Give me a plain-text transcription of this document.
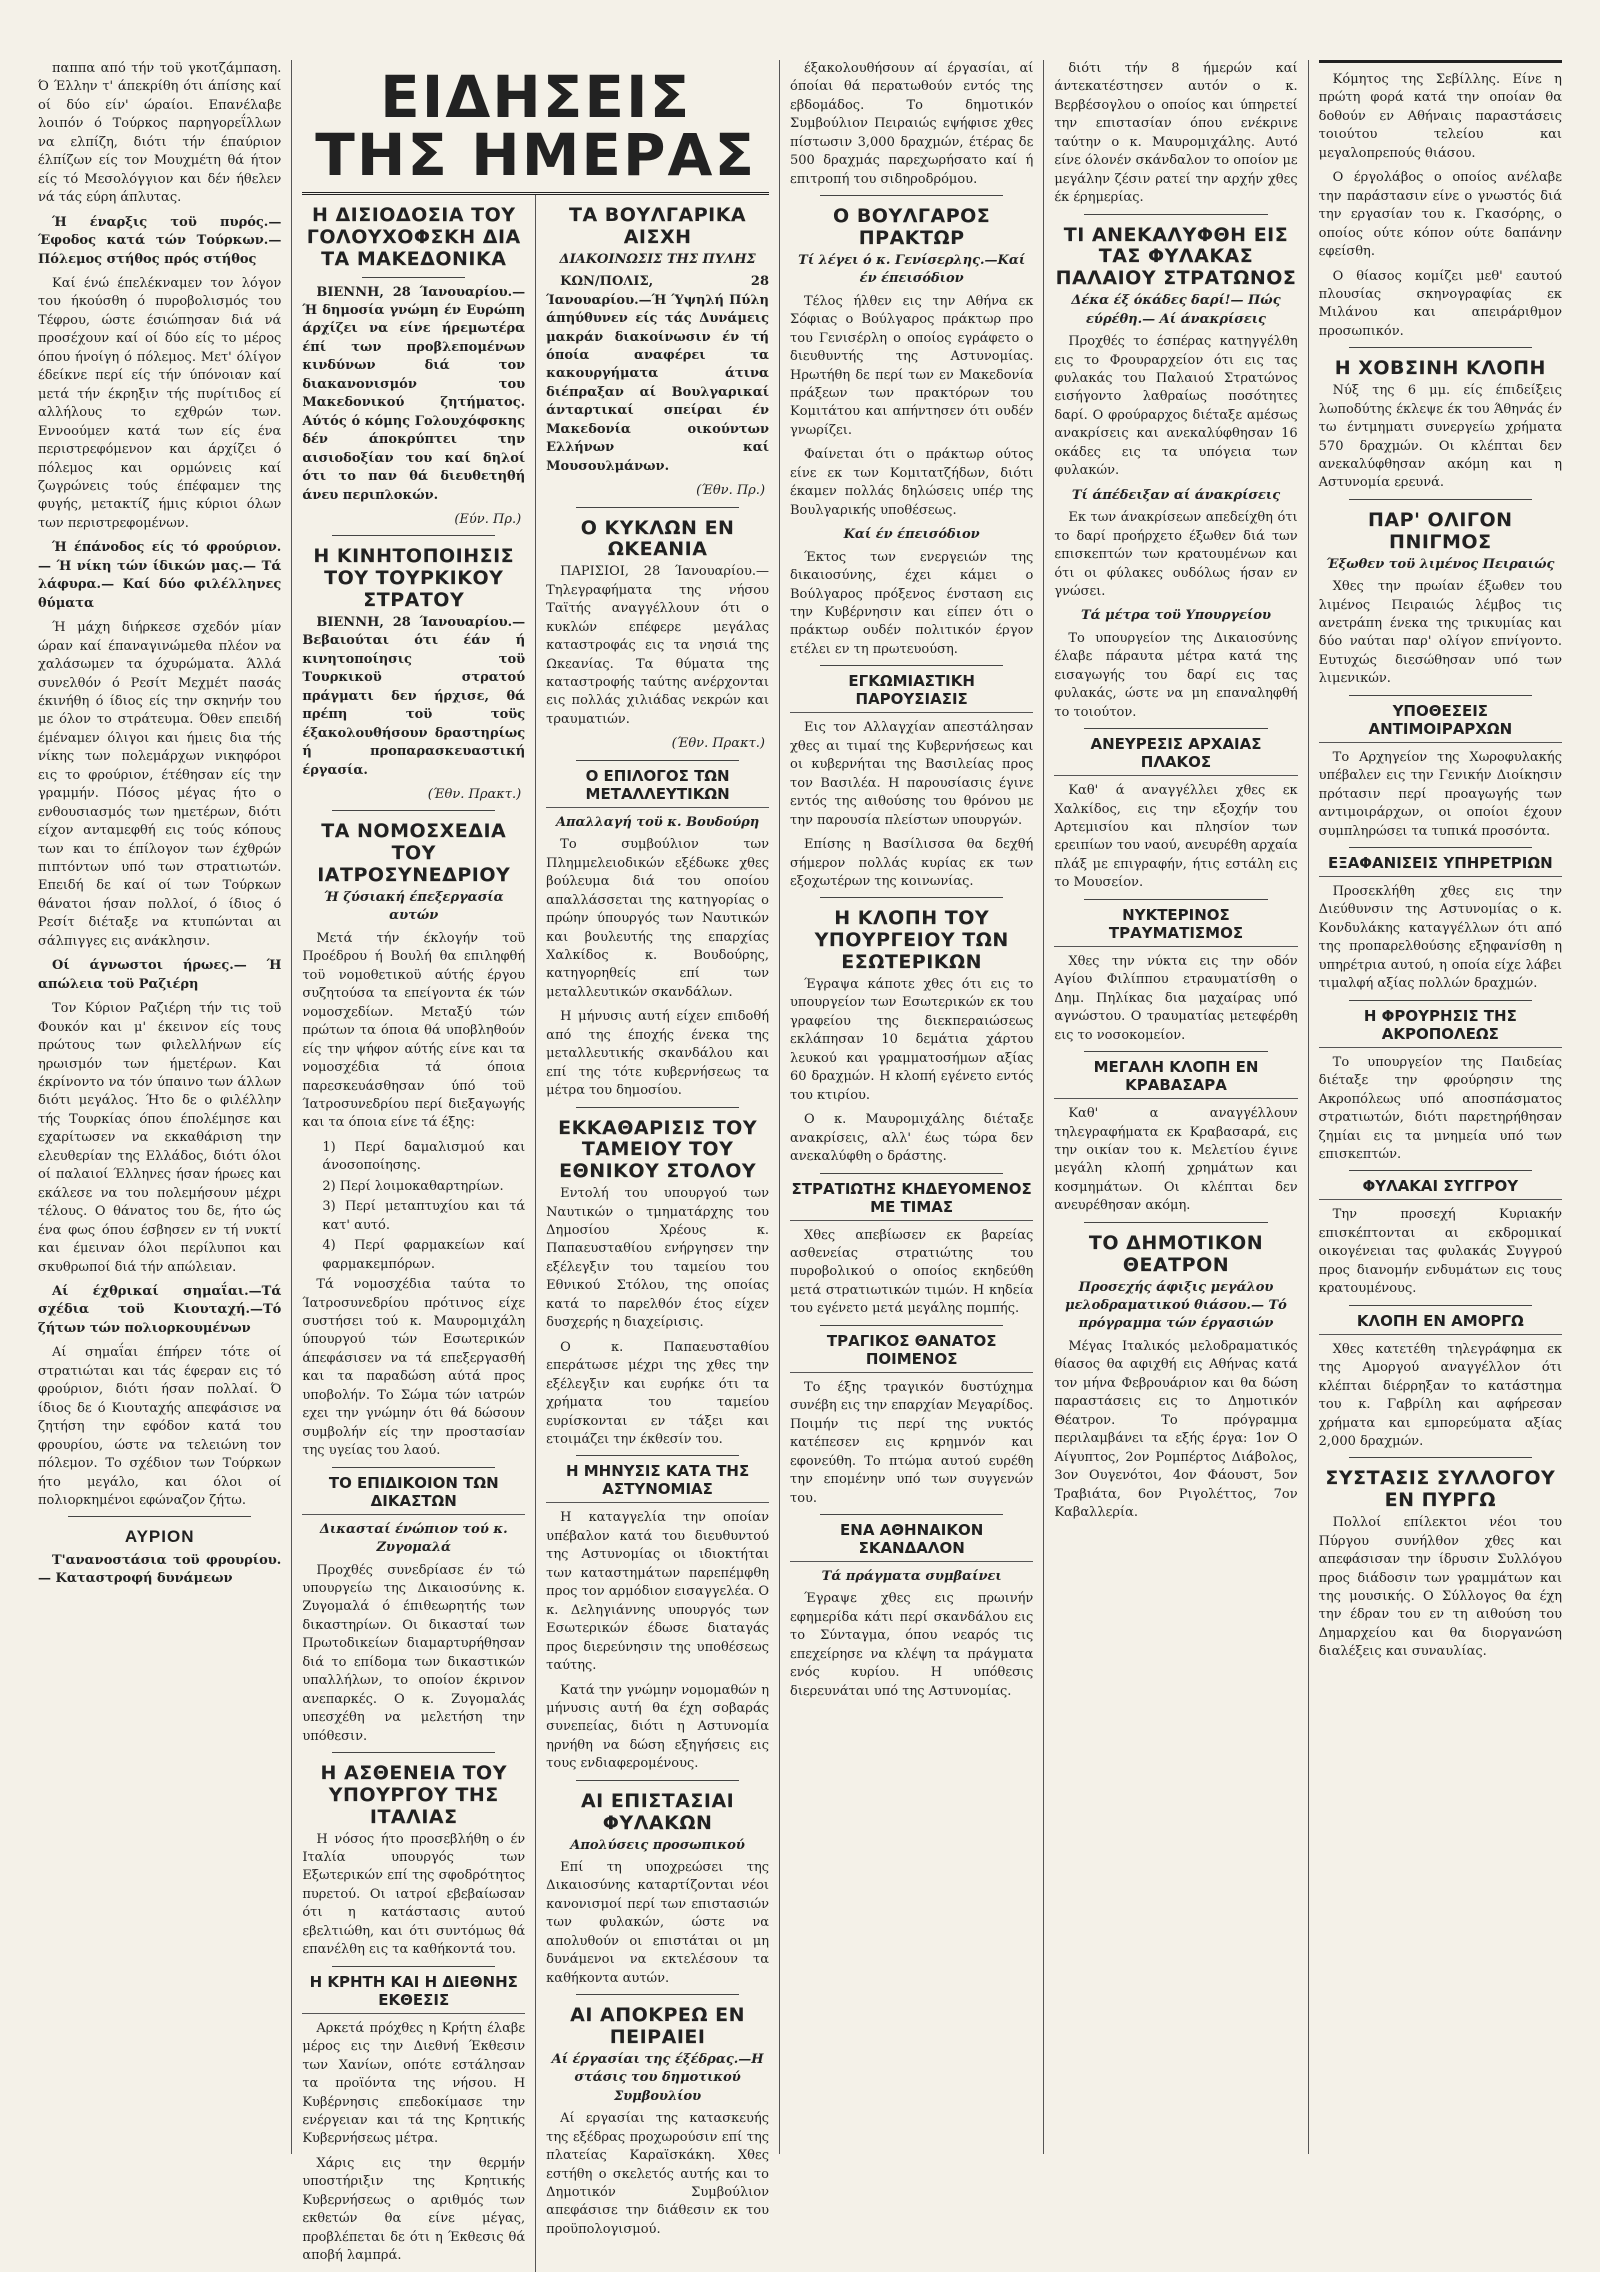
παππα από τήν τοϋ γκοτζάμπαση. Ό Έλλην τ' άπεκρίθη ότι άπίσης καί οί δύο είν' ώραίοι. Επανέλαβε λοιπόν ό Τούρκος παρηγορεΐλλων να ελπίζη, διότι τήν έπαύριον έλπίζων είς τον Μουχμέτη θά ήτον είς τό Μεσολόγγιον και δέν ήθελεν νά τάς εύρη άπλυτας.

Ή έναρξις τοϋ πυρός.—Έφοδος κατά τών Τούρκων.— Πόλεμος στήθος πρός στήθος

Καί ένώ έπελέκναμεν τον λόγον του ήκούσθη ό πυροβολισμός του Τέφρου, ώστε έσιώπησαν διά νά προσέχουν καί οί δύο είς το μέρος όπου ήνοίγη ό πόλεμος. Μετ' όλίγον έδείκνε περί είς τήν ύπόνοιαν καί μετά τήν έκρηξιν τής πυρίτιδος εί αλλήλους το εχθρών των. Εννοούμεν κατά των είς ένα περιστρεφόμενον και άρχίζει ό πόλεμος και ορμώνεις καί ζωγρώνεις τούς έπέφαμεν της φυγής, μετακτίζ ήμις κύριοι όλων των περιστρεφομένων.

Ή έπάνοδος είς τό φρούριον.— Ή νίκη τών ίδικών μας.— Τά λάφυρα.— Καί δύο φιλέλληνες θύματα

Ή μάχη διήρκεσε σχεδόν μίαν ώραν καί έπαναγινώμεθα πλέον να χαλάσωμεν τα όχυρώματα. Άλλά συνελθόν ό Ρεσίτ Μεχμέτ πασάς έκινήθη ό ίδιος είς την σκηνήν του με όλον το στράτευμα. Όθεν επειδή έμέναμεν όλιγοι και ήμεις δια τής νίκης των πολεμάρχων νικηφόροι εις το φρούριον, έτέθησαν είς την γραμμήν. Πόσος μέγας ήτο ο ενθουσιασμός των ημετέρων, διότι είχον ανταμεφθή εις τούς κόπους των και το έπίλογον των έχθρών πιπτόντων υπό των στρατιωτών. Επειδή δε καί οί των Τούρκων θάνατοι ήσαν πολλοί, ό ίδιος ό Ρεσίτ διέταξε να κτυπώνται αι σάλπιγγες εις ανάκλησιν.

Οί άγνωστοι ήρωες.— Ή απώλεια τοϋ Ραζιέρη

Τον Κύριον Ραζιέρη τήν τις τοϋ Φουκόν και μ' έκεινον είς τους πρώτους των φιλελλήνων είς ηρωισμόν των ήμετέρων. Και έκρίνοντο να τόν ύπαινο των άλλων διότι μεγάλος. Ήτο δε ο φιλέλλην τής Τουρκίας όπου έπολέμησε και εχαρίτωσεν να εκκαθάριση την ελευθερίαν της Ελλάδος, διότι όλοι οί παλαιοί Έλληνες ήσαν ήρωες και εκάλεσε να του πολεμήσουν μέχρι τέλους. Ο θάνατος του δε, ήτο ώς ένα φως όπου έσβησεν εν τή νυκτί και έμειναν όλοι περίλυποι και σκυθρωποί διά τήν απώλειαν.

Αί έχθρικαί σημαΐαι.—Τά σχέδια τοϋ Κιουταχή.—Τό ζήτων τών πολιορκουμένων

Αί σημαΐαι έπήρεν τότε οί στρατιώται και τάς έφεραν εις τό φρούριον, διότι ήσαν πολλαί. Ό ίδιος δε ό Κιουταχής απεφάσισε να ζητήση την εφόδον κατά του φρουρίου, ώστε να τελειώνη τον πόλεμον. Το σχέδιον των Τούρκων ήτο μεγάλο, και όλοι οί πολιορκημένοι εφώναζον ζήτω.

ΑΥΡΙΟΝ

Τ'ανανοστάσια τοϋ φρουρίου.— Καταστροφή δυνάμεων

ΕΙΔΗΣΕΙΣ ΤΗΣ ΗΜΕΡΑΣ
Η ΔΙΣΙΟΔΟΣΙΑ ΤΟΥ ΓΟΛΟΥΧΟΦΣΚΗ ΔΙΑ ΤΑ ΜΑΚΕΔΟΝΙΚΑ

ΒΙΕΝΝΗ, 28 Ίανουαρίου.—Ή δημοσία γνώμη έν Ευρώπη άρχίζει να είνε ήρεμωτέρα έπί των προβλεπομένων κινδύνων διά τον διακανονισμόν του Μακεδονικού ζητήματος. Αύτός ό κόμης Γολουχόφσκης δέν άποκρύπτει την αισιοδοξίαν του καί δηλοί ότι το παν θά διευθετηθή άνευ περιπλοκών.

(Εύν. Πρ.)
Η ΚΙΝΗΤΟΠΟΙΗΣΙΣ ΤΟΥ ΤΟΥΡΚΙΚΟΥ ΣΤΡΑΤΟΥ

ΒΙΕΝΝΗ, 28 Ίανουαρίου.—Βεβαιούται ότι έάν ή κινητοποίησις τοϋ Τουρκικοϋ στρατού πράγματι δεν ήρχισε, θά πρέπη τοϋ τοϋς έξακολουθήσουν δραστηρίως ή προπαρασκευαστική έργασία.

(Έθν. Πρακτ.)
ΤΑ ΝΟΜΟΣΧΕΔΙΑ ΤΟΥ ΙΑΤΡΟΣΥΝΕΔΡΙΟΥ
Ή ζύσιακή έπεξεργασία αυτών

Μετά τήν έκλογήν τοϋ Προέδρου ή Βουλή θα επιληφθή τοϋ νομοθετικοϋ αύτής έργου συζητούσα τα επείγοντα έκ τών νομοσχεδίων. Μεταξύ τών πρώτων τα όποια θά υποβληθούν είς την ψήφον αύτής είνε και τα νομοσχέδια τά όποια παρεσκευάσθησαν ύπό τοϋ Ίατροσυνεδρίου περί διεξαγωγής και τα όποια είνε τά έξης:

1) Περί δαμαλισμού και άνοσοποίησης.
2) Περί λοιμοκαθαρτηρίων.
3) Περί μεταπτυχίου και τά κατ' αυτό.
4) Περί φαρμακείων καί φαρμακεμπόρων.

Τά νομοσχέδια ταύτα το Ίατροσυνεδρίου πρότινος είχε συστήσει τού κ. Μαυρομιχάλη ύπουργού τών Εσωτερικών άπεφάσισεν να τά επεξεργασθή και τα παραδώση αύτά προς υποβολήν. Το Σώμα τών ιατρών εχει την γνώμην ότι θά δώσουν συμβολήν είς την προστασίαν της υγείας του λαού.

ΤΟ ΕΠΙΔΙΚΟΙΟΝ ΤΩΝ ΔΙΚΑΣΤΩΝ
Δικασταί ένώπιον τού κ. Ζυγομαλά

Προχθές συνεδρίασε έν τώ υπουργείω της Δικαιοσύνης κ. Ζυγομαλά ό έπιθεωρητής των δικαστηρίων. Οι δικασταί των Πρωτοδικείων διαμαρτυρήθησαν διά το επίδομα των δικαστικών υπαλλήλων, το οποίον έκρινον ανεπαρκές. Ο κ. Ζυγομαλάς υπεσχέθη να μελετήση την υπόθεσιν.

Η ΑΣΘΕΝΕΙΑ ΤΟΥ ΥΠΟΥΡΓΟΥ ΤΗΣ ΙΤΑΛΙΑΣ

Η νόσος ήτο προσεβλήθη ο έν Ιταλία υπουργός των Εξωτερικών επί της σφοδρότητος πυρετού. Οι ιατροί εβεβαίωσαν ότι η κατάστασις αυτού εβελτιώθη, και ότι συντόμως θά επανέλθη εις τα καθήκοντά του.

Η ΚΡΗΤΗ ΚΑΙ Η ΔΙΕΘΝΗΣ ΕΚΘΕΣΙΣ

Αρκετά πρόχθες η Κρήτη έλαβε μέρος εις την Διεθνή Έκθεσιν των Χανίων, οπότε εστάλησαν τα προϊόντα της νήσου. Η Κυβέρνησις επεδοκίμασε την ενέργειαν και τά της Κρητικής Κυβερνήσεως μέτρα.

Χάρις εις την θερμήν υποστήριξιν της Κρητικής Κυβερνήσεως ο αριθμός των εκθετών θα είνε μέγας, προβλέπεται δε ότι η Έκθεσις θά αποβή λαμπρά.

ΤΑ ΒΟΥΛΓΑΡΙΚΑ ΑΙΣΧΗ
ΔΙΑΚΟΙΝΩΣΙΣ ΤΗΣ ΠΥΛΗΣ

ΚΩΝ/ΠΟΛΙΣ, 28 Ίανουαρίου.—Ή Ύψηλή Πύλη άπηύθυνεν είς τάς Δυνάμεις μακράν διακοίνωσιν έν τή όποία αναφέρει τα κακουργήματα άτινα διέπραξαν αί Βουλγαρικαί άνταρτικαί σπείραι έν Μακεδονία οικούντων Ελλήνων καί Μουσουλμάνων.

(Έθν. Πρ.)
Ο ΚΥΚΛΩΝ ΕΝ ΩΚΕΑΝΙΑ

ΠΑΡΙΣΙΟΙ, 28 Ίανουαρίου.—Τηλεγραφήματα της νήσου Ταϊτής αναγγέλλουν ότι ο κυκλών επέφερε μεγάλας καταστροφάς εις τα νησιά της Ωκεανίας. Τα θύματα της καταστροφής ταύτης ανέρχονται εις πολλάς χιλιάδας νεκρών και τραυματιών.

(Έθν. Πρακτ.)
Ο ΕΠΙΛΟΓΟΣ ΤΩΝ ΜΕΤΑΛΛΕΥΤΙΚΩΝ
Απαλλαγή τοϋ κ. Βουδούρη

Το συμβούλιον των Πλημμελειοδικών εξέδωκε χθες βούλευμα διά του οποίου απαλλάσσεται της κατηγορίας ο πρώην ύπουργός των Ναυτικών και βουλευτής της επαρχίας Χαλκίδος κ. Βουδούρης, κατηγορηθείς επί των μεταλλευτικών σκανδάλων.

Η μήνυσις αυτή είχεν επιδοθή από της έποχής ένεκα της μεταλλευτικής σκανδάλου και επί της τότε κυβερνήσεως τα μέτρα του δημοσίου.

ΕΚΚΑΘΑΡΙΣΙΣ ΤΟΥ ΤΑΜΕΙΟΥ ΤΟΥ ΕΘΝΙΚΟΥ ΣΤΟΛΟΥ

Εντολή του υπουργού των Ναυτικών ο τμηματάρχης του Δημοσίου Χρέους κ. Παπαευσταθίου ενήργησεν την εξέλεγξιν του ταμείου του Εθνικού Στόλου, της οποίας κατά το παρελθόν έτος είχεν δυσχερής η διαχείρισις.

Ο κ. Παπαευσταθίου επεράτωσε μέχρι της χθες την εξέλεγξιν και ευρήκε ότι τα χρήματα του ταμείου ευρίσκονται εν τάξει και ετοιμάζει την έκθεσίν του.

Η ΜΗΝΥΣΙΣ ΚΑΤΑ ΤΗΣ ΑΣΤΥΝΟΜΙΑΣ

Η καταγγελία την οποίαν υπέβαλον κατά του διευθυντού της Αστυνομίας οι ιδιοκτήται των καταστημάτων παρεπέμφθη προς τον αρμόδιον εισαγγελέα. Ο κ. Δεληγιάννης υπουργός των Εσωτερικών έδωσε διαταγάς προς διερεύνησιν της υποθέσεως ταύτης.

Κατά την γνώμην νομομαθών η μήνυσις αυτή θα έχη σοβαράς συνεπείας, διότι η Αστυνομία ηρνήθη να δώση εξηγήσεις εις τους ενδιαφερομένους.

ΑΙ ΕΠΙΣΤΑΣΙΑΙ ΦΥΛΑΚΩΝ
Απολύσεις προσωπικού

Επί τη υποχρεώσει της Δικαιοσύνης καταρτίζονται νέοι κανονισμοί περί των επιστασιών των φυλακών, ώστε να απολυθούν οι επιστάται οι μη δυνάμενοι να εκτελέσουν τα καθήκοντα αυτών.

ΑΙ ΑΠΟΚΡΕΩ ΕΝ ΠΕΙΡΑΙΕΙ
Αί έργασίαι της έξέδρας.—Η στάσις του δημοτικού Συμβουλίου

Αί εργασίαι της κατασκευής της εξέδρας προχωρούσιν επί της πλατείας Καραϊσκάκη. Χθες εστήθη ο σκελετός αυτής και το Δημοτικόν Συμβούλιον απεφάσισε την διάθεσιν εκ του προϋπολογισμού.

έξακολουθήσουν αί έργασίαι, αί όποίαι θά περατωθούν εντός της εβδομάδος. Το δημοτικόν Συμβούλιον Πειραιώς εψήφισε χθες πίστωσιν 3,000 δραχμών, έτέρας δε 500 δραχμάς παρεχωρήσατο καί ή επιτροπή του σιδηροδρόμου.

Ο ΒΟΥΛΓΑΡΟΣ ΠΡΑΚΤΩΡ
Τί λέγει ό κ. Γενίσερλης.—Καί έν έπεισόδιον

Τέλος ήλθεν εις την Αθήνα εκ Σόφιας ο Βούλγαρος πράκτωρ προ του Γενισέρλη ο οποίος εγράφετο ο διευθυντής της Αστυνομίας. Ηρωτήθη δε περί των εν Μακεδονία πράξεων των πρακτόρων του Κομιτάτου και απήντησεν ότι ουδέν γνωρίζει.

Φαίνεται ότι ο πράκτωρ ούτος είνε εκ των Κομιτατζήδων, διότι έκαμεν πολλάς δηλώσεις υπέρ της Βουλγαρικής υποθέσεως.

Καί έν έπεισόδιον

Έκτος των ενεργειών της δικαιοσύνης, έχει κάμει ο Βούλγαρος πρόξενος ένσταση εις την Κυβέρνησιν και είπεν ότι ο πράκτωρ ουδέν πολιτικόν έργον ετέλει εν τη πρωτευούση.

ΕΓΚΩΜΙΑΣΤΙΚΗ ΠΑΡΟΥΣΙΑΣΙΣ

Εις τον Αλλαγχίαν απεστάλησαν χθες αι τιμαί της Κυβερνήσεως και οι κυβερνήται της Βασιλείας προς τον Βασιλέα. Η παρουσίασις έγινε εντός της αιθούσης του θρόνου με την παρουσία πλείστων υπουργών.

Επίσης η Βασίλισσα θα δεχθή σήμερον πολλάς κυρίας εκ των εξοχωτέρων της κοινωνίας.

Η ΚΛΟΠΗ ΤΟΥ ΥΠΟΥΡΓΕΙΟΥ ΤΩΝ ΕΣΩΤΕΡΙΚΩΝ

Έγραψα κάποτε χθες ότι εις το υπουργείον των Εσωτερικών εκ του γραφείου της διεκπεραιώσεως εκλάπησαν 10 δεμάτια χάρτου λευκού και γραμματοσήμων αξίας 60 δραχμών. Η κλοπή εγένετο εντός του κτιρίου.

Ο κ. Μαυρομιχάλης διέταξε ανακρίσεις, αλλ' έως τώρα δεν ανεκαλύφθη ο δράστης.

ΣΤΡΑΤΙΩΤΗΣ ΚΗΔΕΥΟΜΕΝΟΣ ΜΕ ΤΙΜΑΣ

Χθες απεβίωσεν εκ βαρείας ασθενείας στρατιώτης του πυροβολικού ο οποίος εκηδεύθη μετά στρατιωτικών τιμών. Η κηδεία του εγένετο μετά μεγάλης πομπής.

ΤΡΑΓΙΚΟΣ ΘΑΝΑΤΟΣ ΠΟΙΜΕΝΟΣ

Το έξης τραγικόν δυστύχημα συνέβη εις την επαρχίαν Μεγαρίδος. Ποιμήν τις περί της νυκτός κατέπεσεν εις κρημνόν και εφονεύθη. Το πτώμα αυτού ευρέθη την επομένην υπό των συγγενών του.

ΕΝΑ ΑΘΗΝΑΙΚΟΝ ΣΚΑΝΔΑΛΟΝ
Τά πράγματα συμβαίνει

Έγραψε χθες εις πρωινήν εφημερίδα κάτι περί σκανδάλου εις το Σύνταγμα, όπου νεαρός τις επεχείρησε να κλέψη τα πράγματα ενός κυρίου. Η υπόθεσις διερευνάται υπό της Αστυνομίας.

διότι τήν 8 ήμερών καί άντεκατέστησεν αυτόν ο κ. Βερβέσογλου ο οποίος και ύπηρετεί την επιστασίαν όπου ενέκρινε ταύτην ο κ. Μαυρομιχάλης. Αυτό είνε όλονέν σκάνδαλον το οποίον με μεγάλην ζέσιν ρατεί την αρχήν χθες έκ έρημερίας.

ΤΙ ΑΝΕΚΑΛΥΦΘΗ ΕΙΣ ΤΑΣ ΦΥΛΑΚΑΣ ΠΑΛΑΙΟΥ ΣΤΡΑΤΩΝΟΣ
Δέκα έξ όκάδες δαρί!— Πώς εύρέθη.— Αί άνακρίσεις

Προχθές το έσπέρας κατηγγέλθη εις το Φρουραρχείον ότι εις τας φυλακάς του Παλαιού Στρατώνος εισήγοντο λαθραίως ποσότητες δαρί. Ο φρούραρχος διέταξε αμέσως ανακρίσεις και ανεκαλύφθησαν 16 οκάδες εις τα υπόγεια των φυλακών.

Τί άπέδειξαν αί άνακρίσεις

Εκ των άνακρίσεων απεδείχθη ότι το δαρί προήρχετο έξωθεν διά των επισκεπτών των κρατουμένων και ότι οι φύλακες ουδόλως ήσαν εν γνώσει.

Τά μέτρα τοϋ Υπουργείου

Το υπουργείον της Δικαιοσύνης έλαβε πάραυτα μέτρα κατά της εισαγωγής του δαρί εις τας φυλακάς, ώστε να μη επαναληφθή το τοιούτον.

ΑΝΕΥΡΕΣΙΣ ΑΡΧΑΙΑΣ ΠΛΑΚΟΣ

Καθ' ά αναγγέλλει χθες εκ Χαλκίδος, εις την εξοχήν του Αρτεμισίου και πλησίον των ερειπίων του ναού, ανευρέθη αρχαία πλάξ με επιγραφήν, ήτις εστάλη εις το Μουσείον.

ΝΥΚΤΕΡΙΝΟΣ ΤΡΑΥΜΑΤΙΣΜΟΣ

Χθες την νύκτα εις την οδόν Αγίου Φιλίππου ετραυματίσθη ο Δημ. Πηλίκας δια μαχαίρας υπό αγνώστου. Ο τραυματίας μετεφέρθη εις το νοσοκομείον.

ΜΕΓΑΛΗ ΚΛΟΠΗ ΕΝ ΚΡΑΒΑΣΑΡΑ

Καθ' α αναγγέλλουν τηλεγραφήματα εκ Κραβασαρά, εις την οικίαν του κ. Μελετίου έγινε μεγάλη κλοπή χρημάτων και κοσμημάτων. Οι κλέπται δεν ανευρέθησαν ακόμη.

ΤΟ ΔΗΜΟΤΙΚΟΝ ΘΕΑΤΡΟΝ
Προσεχής άφιξις μεγάλου μελοδραματικού θιάσου.— Τό πρόγραμμα τών έργασιών

Μέγας Ιταλικός μελοδραματικός θίασος θα αφιχθή εις Αθήνας κατά τον μήνα Φεβρουάριον και θα δώση παραστάσεις εις το Δημοτικόν Θέατρον. Το πρόγραμμα περιλαμβάνει τα εξής έργα: 1ον Ο Αίγυπτος, 2ον Ρομπέρτος Διάβολος, 3ον Ουγενότοι, 4ον Φάουστ, 5ον Τραβιάτα, 6ον Ριγολέττος, 7ον Καβαλλερία.

Κόμητος της Σεβίλλης. Είνε η πρώτη φορά κατά την οποίαν θα δοθούν εν Αθήναις παραστάσεις τοιούτου τελείου και μεγαλοπρεπούς θιάσου.

Ο έργολάβος ο οποίος ανέλαβε την παράστασιν είνε ο γνωστός διά την εργασίαν του κ. Γκασόρης, ο οποίος ούτε κόπον ούτε δαπάνην εφείσθη.

Ο θίασος κομίζει μεθ' εαυτού πλουσίας σκηνογραφίας εκ Μιλάνου και απειράριθμον προσωπικόν.

Η ΧΟΒΣΙΝΗ ΚΛΟΠΗ

Νύξ της 6 μμ. είς έπιδείξεις λωποδύτης έκλεψε έκ του Άθηνάς έν τω έντμηματι συνεργείω χρήματα 570 δραχμών. Οι κλέπται δεν ανεκαλύφθησαν ακόμη και η Αστυνομία ερευνά.

ΠΑΡ' ΟΛΙΓΟΝ ΠΝΙΓΜΟΣ
Έξωθεν τοϋ λιμένος Πειραιώς

Χθες την πρωίαν έξωθεν του λιμένος Πειραιώς λέμβος τις ανετράπη ένεκα της τρικυμίας και δύο ναύται παρ' ολίγον επνίγοντο. Ευτυχώς διεσώθησαν υπό των λιμενικών.

ΥΠΟΘΕΣΕΙΣ ΑΝΤΙΜΟΙΡΑΡΧΩΝ

Το Αρχηγείον της Χωροφυλακής υπέβαλεν εις την Γενικήν Διοίκησιν πρότασιν περί προαγωγής των αντιμοιράρχων, οι οποίοι έχουν συμπληρώσει τα τυπικά προσόντα.

ΕΞΑΦΑΝΙΣΕΙΣ ΥΠΗΡΕΤΡΙΩΝ

Προσεκλήθη χθες εις την Διεύθυνσιν της Αστυνομίας ο κ. Κονδυλάκης καταγγέλλων ότι από της προπαρελθούσης εξηφανίσθη η υπηρέτρια αυτού, η οποία είχε λάβει τιμαλφή αξίας πολλών δραχμών.

Η ΦΡΟΥΡΗΣΙΣ ΤΗΣ ΑΚΡΟΠΟΛΕΩΣ

Το υπουργείον της Παιδείας διέταξε την φρούρησιν της Ακροπόλεως υπό αποσπάσματος στρατιωτών, διότι παρετηρήθησαν ζημίαι εις τα μνημεία υπό των επισκεπτών.

ΦΥΛΑΚΑΙ ΣΥΓΓΡΟΥ

Την προσεχή Κυριακήν επισκέπτονται αι εκδρομικαί οικογένειαι τας φυλακάς Συγγρού προς διανομήν ενδυμάτων εις τους κρατουμένους.

ΚΛΟΠΗ ΕΝ ΑΜΟΡΓΩ

Χθες κατετέθη τηλεγράφημα εκ της Αμοργού αναγγέλλον ότι κλέπται διέρρηξαν το κατάστημα του κ. Γαβρίλη και αφήρεσαν χρήματα και εμπορεύματα αξίας 2,000 δραχμών.

ΣΥΣΤΑΣΙΣ ΣΥΛΛΟΓΟΥ ΕΝ ΠΥΡΓΩ

Πολλοί επίλεκτοι νέοι του Πύργου συνήλθον χθες και απεφάσισαν την ίδρυσιν Συλλόγου προς διάδοσιν των γραμμάτων και της μουσικής. Ο Σύλλογος θα έχη την έδραν του εν τη αιθούση του Δημαρχείου και θα διοργανώση διαλέξεις και συναυλίας.
